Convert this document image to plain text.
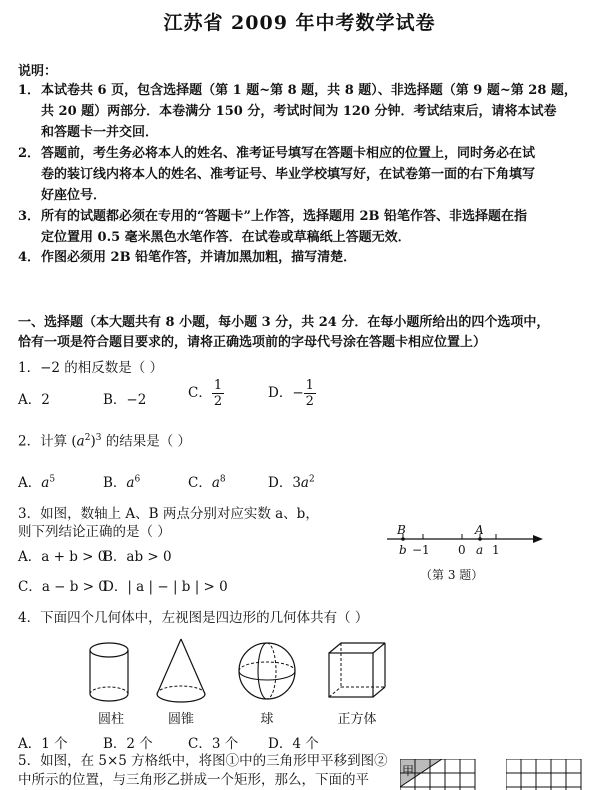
江苏省 2009 年中考数学试卷
说明：
1． 本试卷共 6 页，包含选择题（第 1 题~第 8 题，共 8 题）、非选择题（第 9 题~第 28 题，
共 20 题）两部分．本卷满分 150 分，考试时间为 120 分钟．考试结束后，请将本试卷
和答题卡一并交回．
2． 答题前，考生务必将本人的姓名、准考证号填写在答题卡相应的位置上，同时务必在试
卷的装订线内将本人的姓名、准考证号、毕业学校填写好，在试卷第一面的右下角填写
好座位号．
3． 所有的试题都必须在专用的“答题卡”上作答，选择题用 2B 铅笔作答、非选择题在指
定位置用 0.5 毫米黑色水笔作答．在试卷或草稿纸上答题无效．
4． 作图必须用 2B 铅笔作答，并请加黑加粗，描写清楚．
一、选择题（本大题共有 8 小题，每小题 3 分，共 24 分．在每小题所给出的四个选项中，
恰有一项是符合题目要求的，请将正确选项前的字母代号涂在答题卡相应位置上）
1．−2 的相反数是（ ）
A．2	B．−2	C． $\frac{1}{2}$	D．− $\frac{1}{2}$
2．计算 $(a^2)^3$ 的结果是（ ）
A．$a^5$	B．$a^6$	C．$a^8$	D．$3a^2$
3．如图，数轴上 A、B 两点分别对应实数 a、b，
则下列结论正确的是（ ）
A．a + b > 0
B．ab > 0
C．a − b > 0
D．| a | − | b | > 0
B	A
b −1 0 a 1
（第 3 题）
4．下面四个几何体中，左视图是四边形的几何体共有（ ）
圆柱	圆锥	球	正方体
A．1 个	B．2 个	C．3 个 D．4 个
5．如图，在 5×5 方格纸中，将图①中的三角形甲平移到图②
中所示的位置，与三角形乙拼成一个矩形，那么，下面的平
甲
